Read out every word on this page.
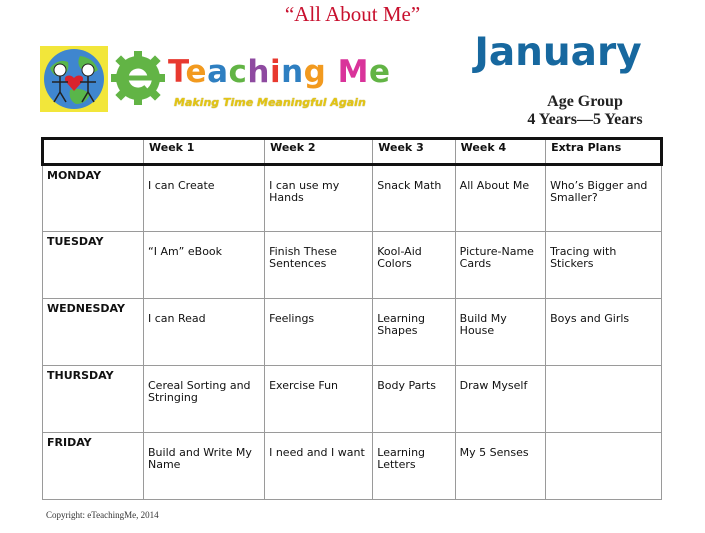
“All About Me”
Teaching Me
Making Time Meaningful Again
January
Age Group
4 Years—5 Years
	Week 1	Week 2	Week 3	Week 4	Extra Plans
MONDAY	I can Create	I can use my Hands	Snack Math	All About Me	Who’s Bigger and Smaller?
TUESDAY	“I Am” eBook	Finish These Sentences	Kool-Aid Colors	Picture-Name Cards	Tracing with Stickers
WEDNESDAY	I can Read	Feelings	Learning Shapes	Build My House	Boys and Girls
THURSDAY	Cereal Sorting and Stringing	Exercise Fun	Body Parts	Draw Myself	
FRIDAY	Build and Write My Name	I need and I want	Learning Letters	My 5 Senses	
Copyright: eTeachingMe, 2014
